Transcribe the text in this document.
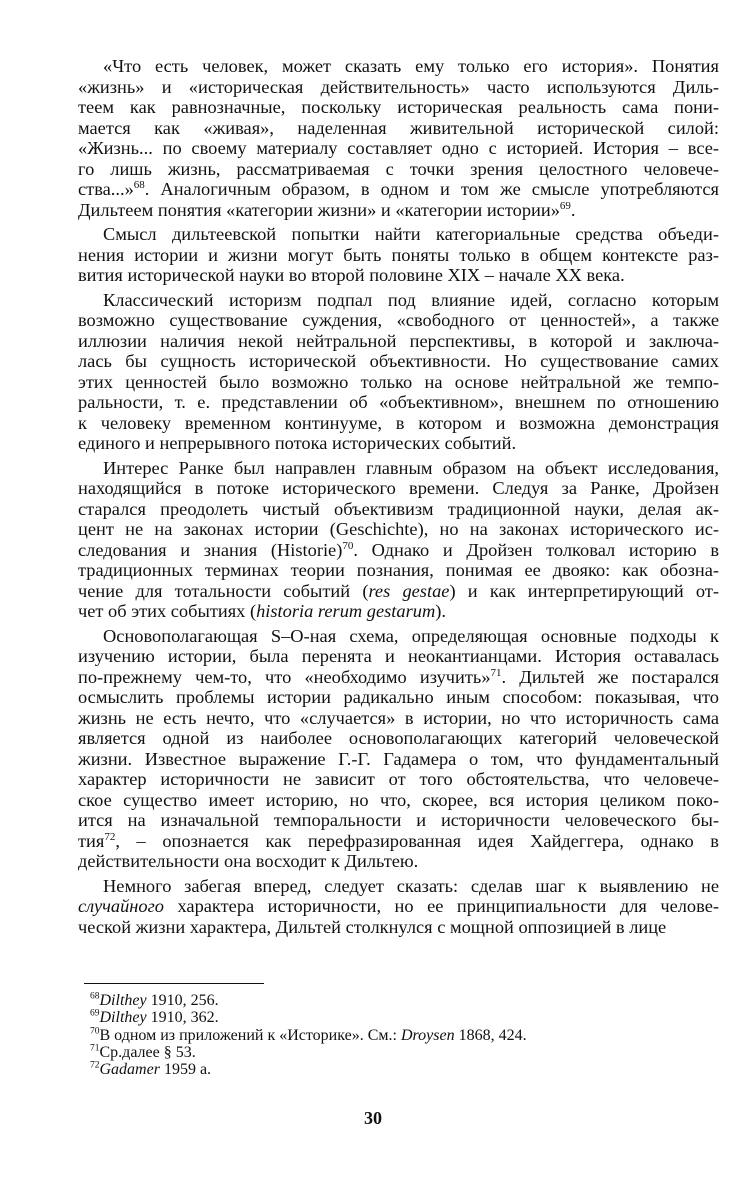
«Что есть человек, может сказать ему только его история». Понятия
«жизнь» и «историческая действительность» часто используются Диль-
теем как равнозначные, поскольку историческая реальность сама пони-
мается как «живая», наделенная живительной исторической силой:
«Жизнь... по своему материалу составляет одно с историей. История – все-
го лишь жизнь, рассматриваемая с точки зрения целостного человече-
ства...»$^{68}$. Аналогичным образом, в одном и том же смысле употребляются
Дильтеем понятия «категории жизни» и «категории истории»$^{69}$.
Смысл дильтеевской попытки найти категориальные средства объеди-
нения истории и жизни могут быть поняты только в общем контексте раз-
вития исторической науки во второй половине XIX – начале XX века.
Классический историзм подпал под влияние идей, согласно которым
возможно существование суждения, «свободного от ценностей», а также
иллюзии наличия некой нейтральной перспективы, в которой и заключа-
лась бы сущность исторической объективности. Но существование самих
этих ценностей было возможно только на основе нейтральной же темпо-
ральности, т. е. представлении об «объективном», внешнем по отношению
к человеку временном континууме, в котором и возможна демонстрация
единого и непрерывного потока исторических событий.
Интерес Ранке был направлен главным образом на объект исследования,
находящийся в потоке исторического времени. Следуя за Ранке, Дройзен
старался преодолеть чистый объективизм традиционной науки, делая ак-
цент не на законах истории (Geschichte), но на законах исторического ис-
следования и знания (Historie)$^{70}$. Однако и Дройзен толковал историю в
традиционных терминах теории познания, понимая ее двояко: как обозна-
чение для тотальности событий (res gestae) и как интерпретирующий от-
чет об этих событиях (historia rerum gestarum).
Основополагающая S–O-ная схема, определяющая основные подходы к
изучению истории, была перенята и неокантианцами. История оставалась
по-прежнему чем-то, что «необходимо изучить»$^{71}$. Дильтей же постарался
осмыслить проблемы истории радикально иным способом: показывая, что
жизнь не есть нечто, что «случается» в истории, но что историчность сама
является одной из наиболее основополагающих категорий человеческой
жизни. Известное выражение Г.-Г. Гадамера о том, что фундаментальный
характер историчности не зависит от того обстоятельства, что человече-
ское существо имеет историю, но что, скорее, вся история целиком поко-
ится на изначальной темпоральности и историчности человеческого бы-
тия$^{72}$, – опознается как перефразированная идея Хайдеггера, однако в
действительности она восходит к Дильтею.
Немного забегая вперед, следует сказать: сделав шаг к выявлению не
случайного характера историчности, но ее принципиальности для челове-
ческой жизни характера, Дильтей столкнулся с мощной оппозицией в лице
$^{68}$Dilthey 1910, 256.
$^{69}$Dilthey 1910, 362.
$^{70}$В одном из приложений к «Историке». См.: Droysen 1868, 424.
$^{71}$Ср.далее § 53.
$^{72}$Gadamer 1959 a.
30
